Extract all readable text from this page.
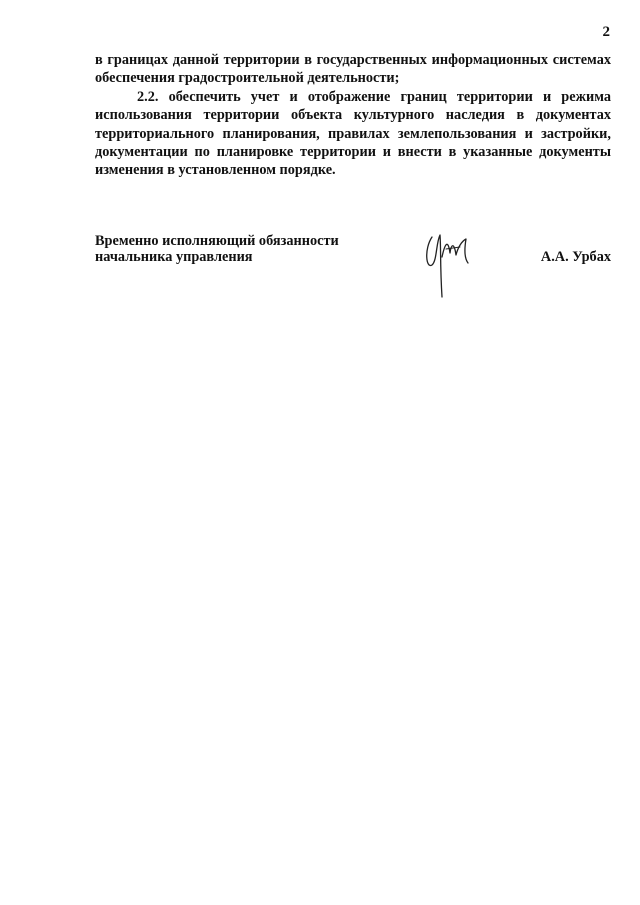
2

в границах данной территории в государственных информационных системах обеспечения градостроительной деятельности;

2.2. обеспечить учет и отображение границ территории и режима использования территории объекта культурного наследия в документах территориального планирования, правилах землепользования и застройки, документации по планировке территории и внести в указанные документы изменения в установленном порядке.

Временно исполняющий обязанности
начальника управления	А.А. Урбах
